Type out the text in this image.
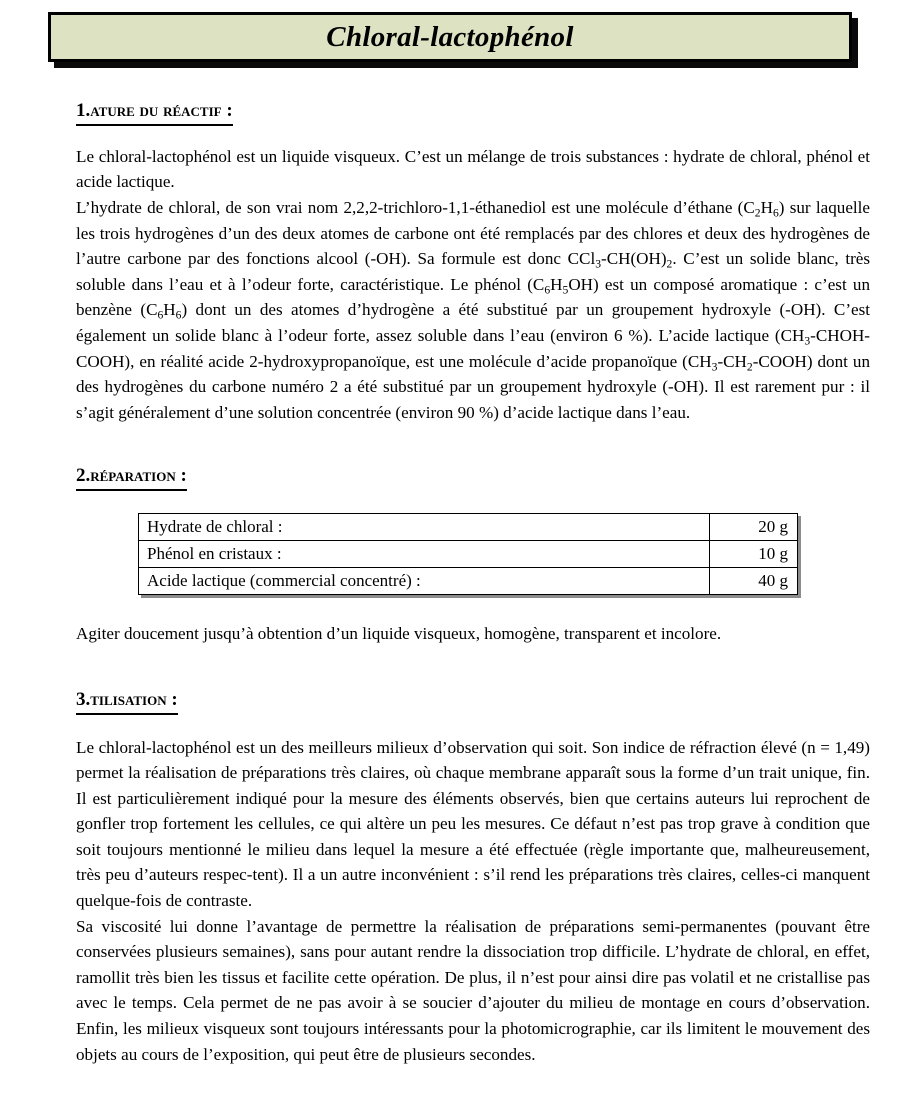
Chloral-lactophénol
1.ature du réactif :

Le chloral-lactophénol est un liquide visqueux. C’est un mélange de trois substances : hydrate de chloral, phénol et acide lactique.

L’hydrate de chloral, de son vrai nom 2,2,2-trichloro-1,1-éthanediol est une molécule d’éthane $(C_2H_6)$ sur laquelle les trois hydrogènes d’un des deux atomes de carbone ont été remplacés par des chlores et deux des hydrogènes de l’autre carbone par des fonctions alcool (-OH). Sa formule est donc $CCl_3-CH(OH)_2$. C’est un solide blanc, très soluble dans l’eau et à l’odeur forte, caractéristique. Le phénol $(C_6H_5OH)$ est un composé aromatique : c’est un benzène $(C_6H_6)$ dont un des atomes d’hydrogène a été substitué par un groupement hydroxyle (-OH). C’est également un solide blanc à l’odeur forte, assez soluble dans l’eau (environ 6 %). L’acide lactique $(CH_3-CHOH-COOH)$, en réalité acide 2-hydroxypropanoïque, est une molécule d’acide propanoïque $(CH_3-CH_2-COOH)$ dont un des hydrogènes du carbone numéro 2 a été substitué par un groupement hydroxyle (-OH). Il est rarement pur : il s’agit généralement d’une solution concentrée (environ 90 %) d’acide lactique dans l’eau.

2.réparation :
Hydrate de chloral :	20 g
Phénol en cristaux :	10 g
Acide lactique (commercial concentré) :	40 g

Agiter doucement jusqu’à obtention d’un liquide visqueux, homogène, transparent et incolore.

3.tilisation :

Le chloral-lactophénol est un des meilleurs milieux d’observation qui soit. Son indice de réfraction élevé (n = 1,49) permet la réalisation de préparations très claires, où chaque membrane apparaît sous la forme d’un trait unique, fin. Il est particulièrement indiqué pour la mesure des éléments observés, bien que certains auteurs lui reprochent de gonfler trop fortement les cellules, ce qui altère un peu les mesures. Ce défaut n’est pas trop grave à condition que soit toujours mentionné le milieu dans lequel la mesure a été effectuée (règle importante que, malheureusement, très peu d’auteurs respec-tent). Il a un autre inconvénient : s’il rend les préparations très claires, celles-ci manquent quelque-fois de contraste.

Sa viscosité lui donne l’avantage de permettre la réalisation de préparations semi-permanentes (pouvant être conservées plusieurs semaines), sans pour autant rendre la dissociation trop difficile. L’hydrate de chloral, en effet, ramollit très bien les tissus et facilite cette opération. De plus, il n’est pour ainsi dire pas volatil et ne cristallise pas avec le temps. Cela permet de ne pas avoir à se soucier d’ajouter du milieu de montage en cours d’observation. Enfin, les milieux visqueux sont toujours intéressants pour la photomicrographie, car ils limitent le mouvement des objets au cours de l’exposition, qui peut être de plusieurs secondes.
